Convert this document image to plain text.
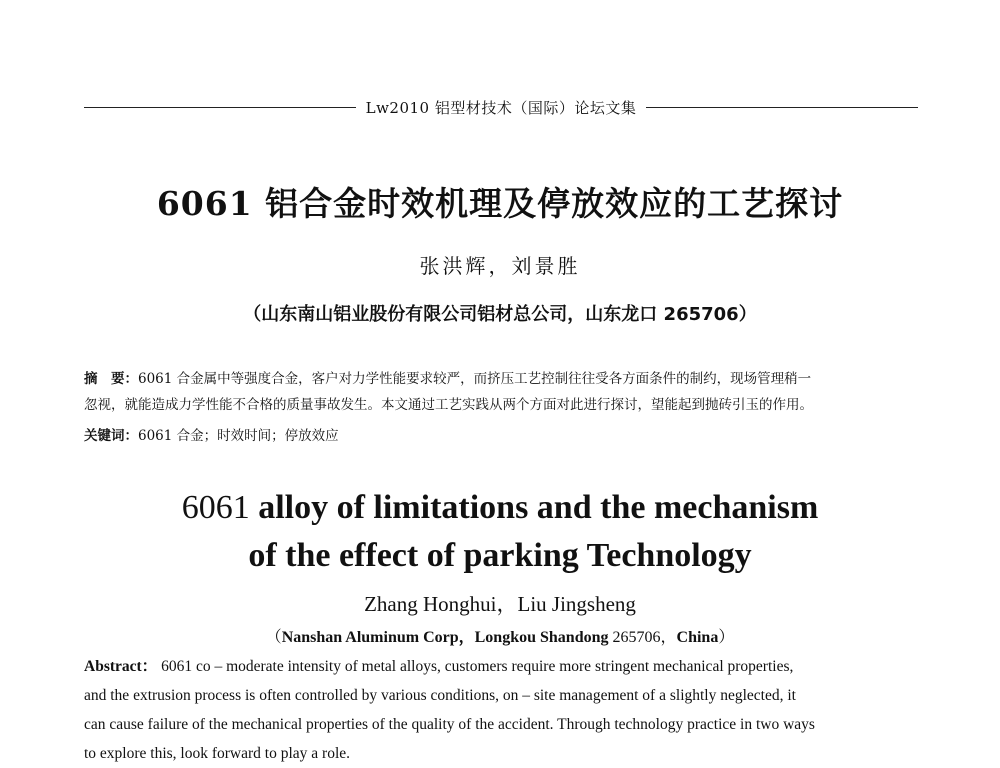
Lw2010 铝型材技术（国际）论坛文集
6061 铝合金时效机理及停放效应的工艺探讨
张洪辉，刘景胜
（山东南山铝业股份有限公司铝材总公司，山东龙口 265706）
摘　要：6061 合金属中等强度合金，客户对力学性能要求较严，而挤压工艺控制往往受各方面条件的制约，现场管理稍一
忽视，就能造成力学性能不合格的质量事故发生。本文通过工艺实践从两个方面对此进行探讨，望能起到抛砖引玉的作用。
关键词：6061 合金；时效时间；停放效应
6061 alloy of limitations and the mechanism
of the effect of parking Technology
Zhang Honghui，Liu Jingsheng
（Nanshan Aluminum Corp，Longkou Shandong 265706，China）
Abstract： 6061 co – moderate intensity of metal alloys, customers require more stringent mechanical properties,
and the extrusion process is often controlled by various conditions, on – site management of a slightly neglected, it
can cause failure of the mechanical properties of the quality of the accident. Through technology practice in two ways
to explore this, look forward to play a role.
